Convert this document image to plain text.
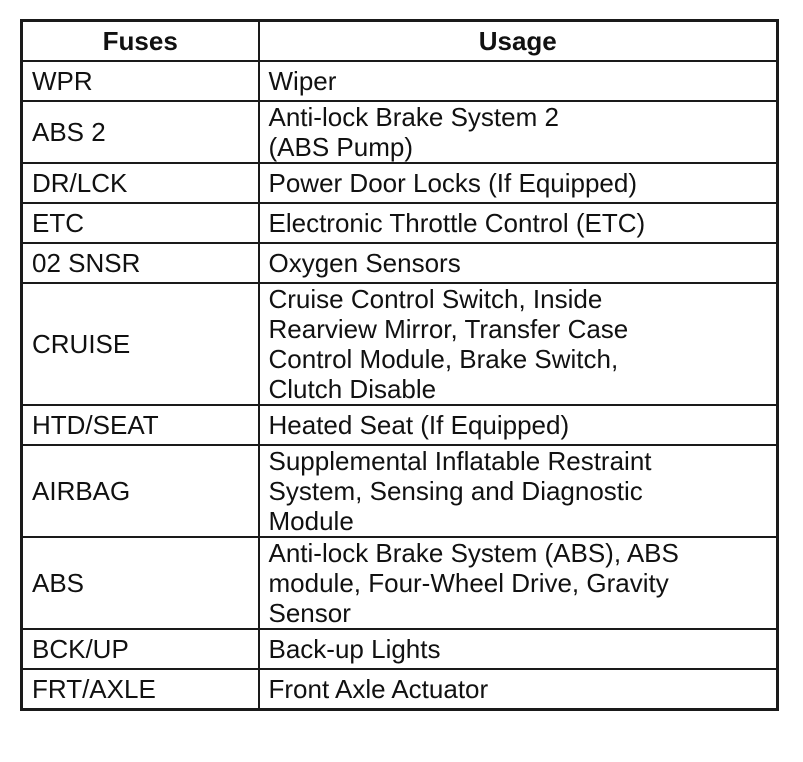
Fuses	Usage
WPR	Wiper
ABS 2	Anti-lock Brake System 2
(ABS Pump)
DR/LCK	Power Door Locks (If Equipped)
ETC	Electronic Throttle Control (ETC)
02 SNSR	Oxygen Sensors
CRUISE	Cruise Control Switch, Inside
Rearview Mirror, Transfer Case
Control Module, Brake Switch,
Clutch Disable
HTD/SEAT	Heated Seat (If Equipped)
AIRBAG	Supplemental Inflatable Restraint
System, Sensing and Diagnostic
Module
ABS	Anti-lock Brake System (ABS), ABS
module, Four-Wheel Drive, Gravity
Sensor
BCK/UP	Back-up Lights
FRT/AXLE	Front Axle Actuator
